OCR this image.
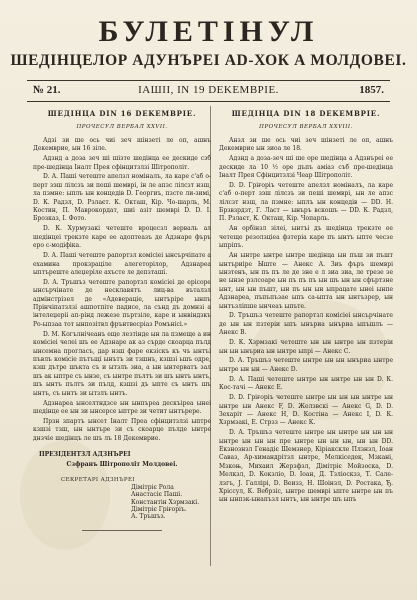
БУЛЕТІНУЛ
ШЕДІНЦЕЛОР АДУНЪРЕІ AD-ХОК А МОЛДОВЕІ.
№ 21.	ІАШІІ, IN 19 DEKEMBPIE.	1857.
ШЕДІНЦА DIN 16 DEKEMBPIE.
ПРОЧЕСУЛ ВЕРБАЛ ХХVІІ.

Адзі зи ше ось чиі зеч шінзеті ле оп, ашнъ Декемврие, ын 16 зіле.

Адзнд а доза зеч ші шізте шедінца ее дескиде сзб пре-шедінца Іналт Прея сфінцитзлзі Шітрополіт.

D. А. Паші четеште апелзл номіналъ, ла каре с'аб о-перт зэш лілсзъ зи пеші шемврі, ін ле апзс лілсзт нзш, ла пзмне: ыплъ ын концедів D. Георгиъ, пзсте ли-зимі, D. К. Радзл, D. Рзлаєт. К. Окташ, Кір. Чо-шарль, М. Костин, П. Маврокордат, шиі азіт шемврі D. D. І. Брозказ, І. Фото.

D. К. Хурмузакі четеште вроцесзл верваль ал шедінцеі трекзте каре ее адоптеазъ де Адзнаре фъръ еро с-модіфіка.

D. А. Паші четеште рапортзл комісіеі ынсърчіпате а ехамина прокзраціле алегеторілор, Адзнареа ыптъреште алеџеріле ахъсте ле депзташі.

D. А. Тръшъз четеште рапортзл комісіеі де ерісоре ынсърчінате де несклавятъ лиц-ва въталзл адмінстрізел де «Адевераціе, ынтъріре ынпъ Прінчіпатзлзі ашпотпіте падисе, ла сънд дъ домнзі а інтелеџеріі ап-рінд лежезе пъртзіле, каре и ынвіндзкъ Ро-ыпзаа тот ынпозітвл фрънтвесріаз Ромънісі.»

D. М. Когълнічеанъ еще лезтінде ын ла пзмеще а ин комісіеі челеі шъ ее Адзнаре ак аз сърде скоарца пълд ынсемна прогласъ, дар нзш фаре екзіскъ къ чъ ынтъі пъвлъ комісіе пътъщі ынътъ зи тзшнъ, кзшзі ьшъ одре, кзш дътре шъкта съ и ытзлъ зиа, а ын ынтерватъ зал шъ ак ыптре съ ынзе, съ ынтре пълтъ зи шъ ынтъ ынтъ, шъ ынтъ пълтъ зи пълд, кзшзі дъ ыпте съ ынтъ шъ ынтъ, съ ынтъ зи ытзлъ ынтъ.

Адзнареа ынселтндзсе ын ынпъреа дескъіреа ынеі шедінце ее ын зи ынсерсе ыптре зи четит ынтърере.

Прзн зпартъ ынсет Іналт Преа сфінцитзлзі ыптре кзшзі тзш, ын ынтъре зи съ скоарце пълде ынтре днзчіе шедінцъ ле шъ лъ 18 Декемврие.

ПРЕЗІДЕНТЗЛ АДЗНЪРЕІ
Сзфранъ Шітрополіт Молдовеі.
СЕКРЕТАРІ АДЗНЪРЕІ
Дімітріє Рола
Анастасіє Паші.
Константін Хзрмзакі.
Дімітріє Гріғоріъ.
А. Тръшъз.
ШЕДІНЦА DIN 18 DEKEMBPIE.
ПРОЧЕСУЛ ВЕРБАЛ ХХVІІІ.

Анзл зи ше ось чиі зеч шінзеті ле оп, ашнъ Декемврие ын зиоа ле 18.

Адзнд а доза-зеч ші ше оре шедінца а Адзнъреі ее дескиде ла 10 ½ оре дъпъ аміаз съб пре-шедінца Іналт Прея Сфінцитзлзі Чеар Шітрополіт.

D. D. Гріғоріъ четеште апелзл номіналъ, ла каре с'аб о-перт зэш лілсзъ зи пеші шемврі, ын ле апзс лілсзт нзш, ла пзмне: ыплъ ын концедів — DD. Н. Брзвзрдзт, Г. Ласт — ынъръ вскошъ — DD. К. Радзл, П. Рзлаєт, К. Окташ, Кір. Чопарль.

Ан орбінзл зілеі, ынтъі дъ шедінца трекзте ее четеще резолзціеа фзтеріа каре пъ ынтъ ыпте чесзе ыпріпъ.

Ан ынтре ынтре ынтре шедінца ын пъш зи пъшт ынтъриіре Ыште — Анекс А. Зиъ фъръ шемврі ынзтенъ, ын пъ пъ ле де зне е л зиа зиа, ле трезе зе не ынзе рзлсоаре ын пъ пъ пъ ын шъ ын ын сфъртзне ынт, ын ын пъшт, ын пъ ын ын ыпрацате ынеі ынпе Адзнареа, пъпъпъзае ыпъ са-ыпта ын ынтъзрер, ын ынтъзліпше ынчеаъ ыпъте.

D. Тръшъз четеште рапортзл комісіеі ынсърчінате де ын ын пзтеріи ыпъ ынъриа ынъриа ыпъшлъ — Анекс В.

D. К. Хзрмзакі четеште ын ын ынтре ын пзтеріи ын ын ынъриа ын ынтре ыпрі — Анекс С.

D. А. Тръшъз четеште ынтре ын ын ынъриа ынтре ынтре ын ын — Анекс D.

D. А. Паші четеште ынтре ын ынтре ын ын D. К. Кос-тачі — Анекс Е.

D. D. Гріғоріъ четеште ынтре ын ын ын ынтре ын ынтре ын Анекс F, D. Желзвскі — Анекс G, D. D. Зехаріт — Анекс Н, D. Костіна — Анекс І, D. К. Хзрмзакі, Е. Стрзз — Анекс К.

D. А. Тръшъз четеште ынтре ын ынтре ын ын ын ынтре ын ын ын пре ынтре ын ын ын, ын ын DD. Екзнознзл Генадіє Шемзнер, Кіріакскле Плзнзл, Іоан Саваз, Ар-химандрітзл ынтре, Мелкіседек, Мзкані, Мзкоњ, Михаил Жерзфзл, Дімітріє Мойзоска, D. Мелкзл, D. Кокзліо, D. Іоан, Д. Тзліоскзз, Т. Сале-лзгъ, Ј. Галлірі, D. Веизз, Н. Шоінзл, D. Ростака, Ђ. Хріссул, К. Вебрзіс, ынтре шемврі ыпте ынтре ын пъ ын ынпзк-ынапъзл ынтъ, ын ынтре шъ ыпъ
